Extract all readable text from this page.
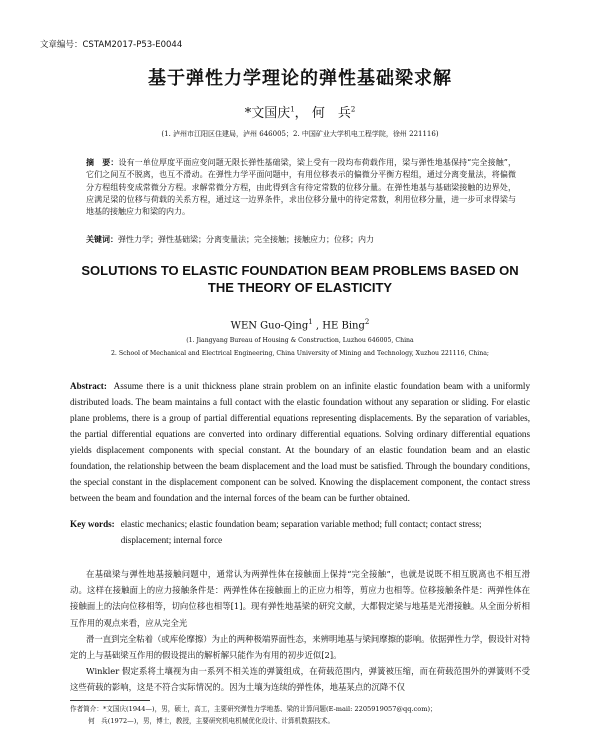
文章编号：CSTAM2017-P53-E0044
基于弹性力学理论的弹性基础梁求解
*文国庆$^1$， 何　兵$^2$
(1. 泸州市江阳区住建局，泸州 646005；2. 中国矿业大学机电工程学院，徐州 221116)
摘　要：设有一单位厚度平面应变问题无限长弹性基础梁，梁上受有一段均布荷载作用，梁与弹性地基保持“完全接触”，它们之间互不脱离，也互不滑动。在弹性力学平面问题中，有用位移表示的偏微分平衡方程组，通过分离变量法，将偏微分方程组转变成常微分方程。求解常微分方程，由此得到含有待定常数的位移分量。在弹性地基与基础梁接触的边界处，应满足梁的位移与荷载的关系方程，通过这一边界条件，求出位移分量中的待定常数，利用位移分量，进一步可求得梁与地基的接触应力和梁的内力。
关键词：弹性力学；弹性基础梁；分离变量法；完全接触；接触应力；位移；内力
SOLUTIONS TO ELASTIC FOUNDATION BEAM PROBLEMS BASED ON
THE THEORY OF ELASTICITY
WEN Guo-Qing$^1$ , HE Bing$^2$
(1. Jiangyang Bureau of Housing & Construction, Luzhou 646005, China
2. School of Mechanical and Electrical Engineering, China University of Mining and Technology, Xuzhou 221116, China;
Abstract: Assume there is a unit thickness plane strain problem on an infinite elastic foundation beam with a uniformly distributed loads. The beam maintains a full contact with the elastic foundation without any separation or sliding. For elastic plane problems, there is a group of partial differential equations representing displacements. By the separation of variables, the partial differential equations are converted into ordinary differential equations. Solving ordinary differential equations yields displacement components with special constant. At the boundary of an elastic foundation beam and an elastic foundation, the relationship between the beam displacement and the load must be satisfied. Through the boundary conditions, the special constant in the displacement component can be solved. Knowing the displacement component, the contact stress between the beam and foundation and the internal forces of the beam can be further obtained.
Key words: elastic mechanics; elastic foundation beam; separation variable method; full contact; contact stress; displacement; internal force

在基础梁与弹性地基接触问题中，通常认为两弹性体在接触面上保持“完全接触”，也就是说既不相互脱离也不相互滑动。这样在接触面上的应力接触条件是：两弹性体在接触面上的正应力相等，剪应力也相等。位移接触条件是：两弹性体在接触面上的法向位移相等，切向位移也相等[1]。现有弹性地基梁的研究文献，大都假定梁与地基是光滑接触。从全面分析相互作用的观点来看，应从完全光

滑一直到完全粘着（或库伦摩擦）为止的两种极端界面性态，来辨明地基与梁间摩擦的影响。依据弹性力学，假设针对特定的上与基础梁互作用的假设提出的解析解只能作为有用的初步近似[2]。

Winkler 假定系将土壤视为由一系列不相关连的弹簧组成，在荷载范围内，弹簧被压缩，而在荷载范围外的弹簧则不受这些荷载的影响，这是不符合实际情况的。因为土壤为连续的弹性体，地基某点的沉降不仅

作者简介：*文国庆(1944—)，男，硕士，高工，主要研究弹性力学地基、梁的计算问题(E-mail: 2205919057@qq.com)；
何　兵(1972—)，男，博士，教授，主要研究机电机械优化设计、计算机数据技术。
